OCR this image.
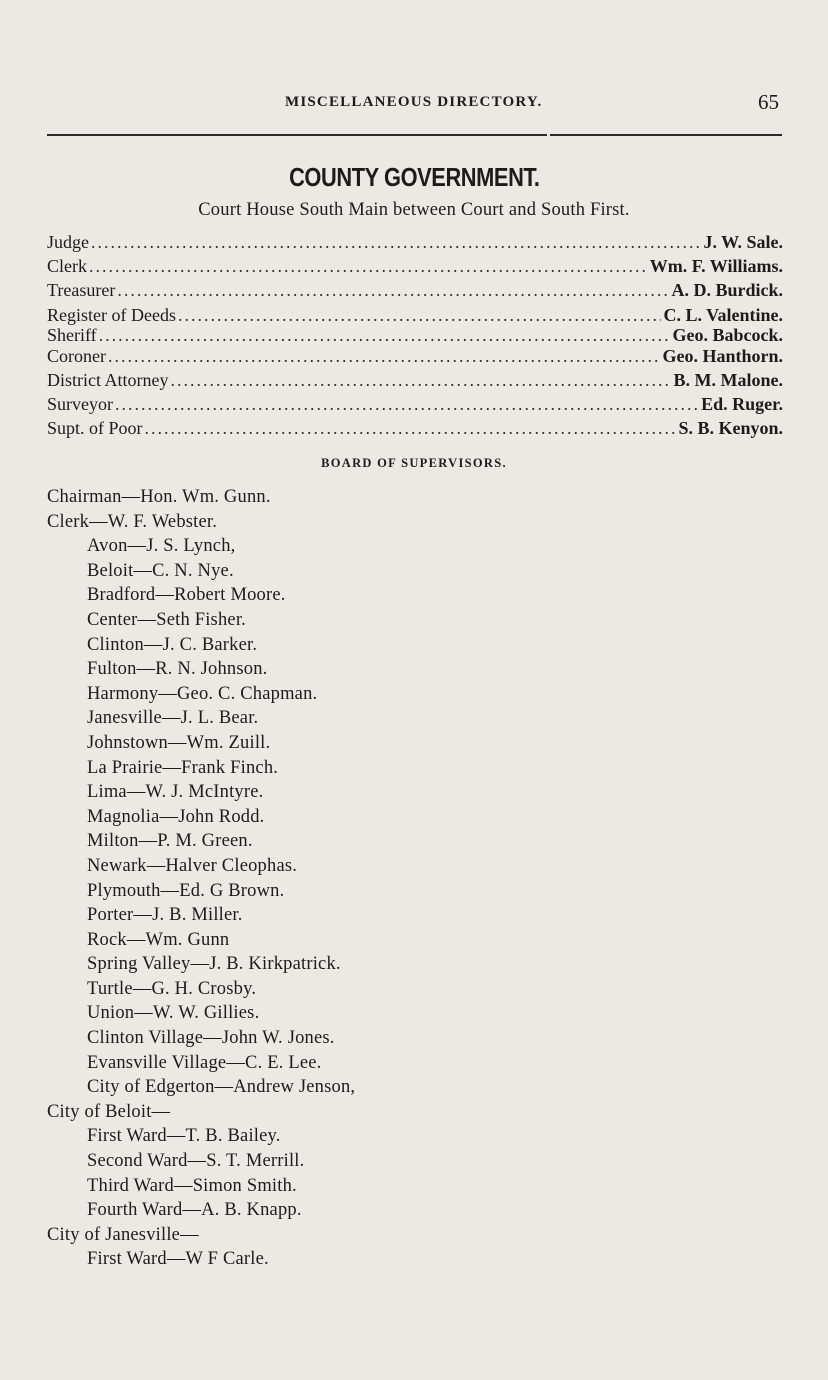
MISCELLANEOUS DIRECTORY.	65
COUNTY GOVERNMENT.
Court House South Main between Court and South First.
Judge .....	J. W. Sale.
Clerk .....	Wm. F. Williams.
Treasurer .....	A. D. Burdick.
Register of Deeds .....	C. L. Valentine.
Sheriff .....	Geo. Babcock.
Coroner .....	Geo. Hanthorn.
District Attorney .....	B. M. Malone.
Surveyor .....	Ed. Ruger.
Supt. of Poor .....	S. B. Kenyon.
BOARD OF SUPERVISORS.
Chairman—Hon. Wm. Gunn.
Clerk—W. F. Webster.
Avon—J. S. Lynch,
Beloit—C. N. Nye.
Bradford—Robert Moore.
Center—Seth Fisher.
Clinton—J. C. Barker.
Fulton—R. N. Johnson.
Harmony—Geo. C. Chapman.
Janesville—J. L. Bear.
Johnstown—Wm. Zuill.
La Prairie—Frank Finch.
Lima—W. J. McIntyre.
Magnolia—John Rodd.
Milton—P. M. Green.
Newark—Halver Cleophas.
Plymouth—Ed. G Brown.
Porter—J. B. Miller.
Rock—Wm. Gunn
Spring Valley—J. B. Kirkpatrick.
Turtle—G. H. Crosby.
Union—W. W. Gillies.
Clinton Village—John W. Jones.
Evansville Village—C. E. Lee.
City of Edgerton—Andrew Jenson,
City of Beloit—
First Ward—T. B. Bailey.
Second Ward—S. T. Merrill.
Third Ward—Simon Smith.
Fourth Ward—A. B. Knapp.
City of Janesville—
First Ward—W F Carle.
